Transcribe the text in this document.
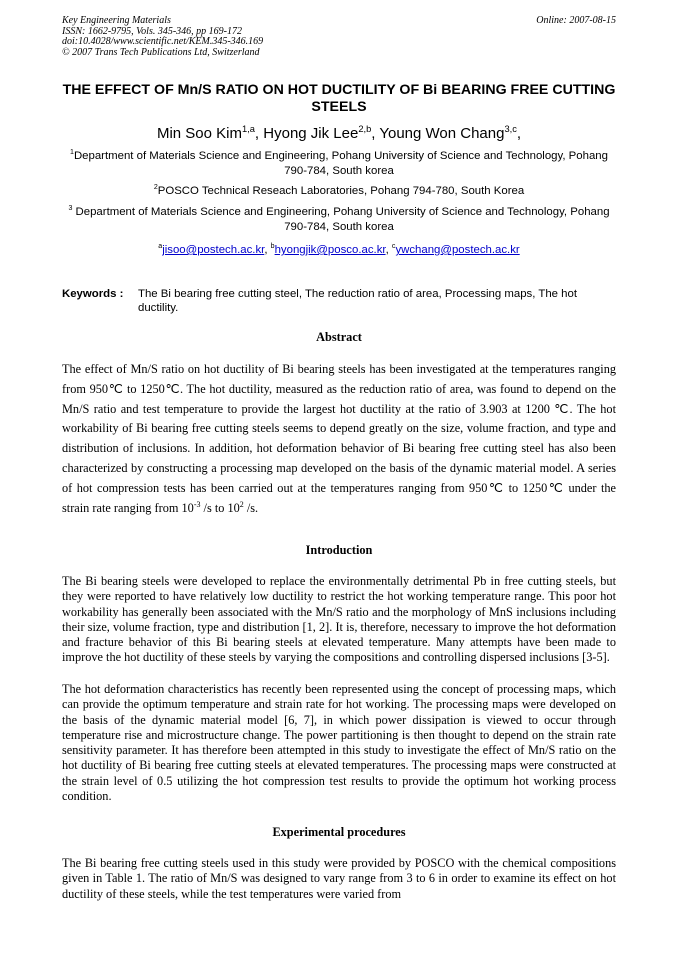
Key Engineering Materials
ISSN: 1662-9795, Vols. 345-346, pp 169-172
doi:10.4028/www.scientific.net/KEM.345-346.169
© 2007 Trans Tech Publications Ltd, Switzerland
Online: 2007-08-15
THE EFFECT OF Mn/S RATIO ON HOT DUCTILITY OF Bi BEARING FREE CUTTING STEELS
Min Soo Kim$^{1,a}$, Hyong Jik Lee$^{2,b}$, Young Won Chang$^{3,c}$,
$^1$Department of Materials Science and Engineering, Pohang University of Science and Technology, Pohang 790-784, South korea
$^2$POSCO Technical Reseach Laboratories, Pohang 794-780, South Korea
$^3$ Department of Materials Science and Engineering, Pohang University of Science and Technology, Pohang 790-784, South korea
$^a$jisoo@postech.ac.kr, $^b$hyongjik@posco.ac.kr, $^c$ywchang@postech.ac.kr
Keywords : The Bi bearing free cutting steel, The reduction ratio of area, Processing maps, The hot ductility.
Abstract
The effect of Mn/S ratio on hot ductility of Bi bearing steels has been investigated at the temperatures ranging from 950℃ to 1250℃. The hot ductility, measured as the reduction ratio of area, was found to depend on the Mn/S ratio and test temperature to provide the largest hot ductility at the ratio of 3.903 at 1200 ℃. The hot workability of Bi bearing free cutting steels seems to depend greatly on the size, volume fraction, and type and distribution of inclusions. In addition, hot deformation behavior of Bi bearing free cutting steel has also been characterized by constructing a processing map developed on the basis of the dynamic material model. A series of hot compression tests has been carried out at the temperatures ranging from 950℃ to 1250℃ under the strain rate ranging from $10^{-3}$ /s to $10^2$ /s.
Introduction
The Bi bearing steels were developed to replace the environmentally detrimental Pb in free cutting steels, but they were reported to have relatively low ductility to restrict the hot working temperature range. This poor hot workability has generally been associated with the Mn/S ratio and the morphology of MnS inclusions including their size, volume fraction, type and distribution [1, 2]. It is, therefore, necessary to improve the hot deformation and fracture behavior of this Bi bearing steels at elevated temperature. Many attempts have been made to improve the hot ductility of these steels by varying the compositions and controlling dispersed inclusions [3-5].
The hot deformation characteristics has recently been represented using the concept of processing maps, which can provide the optimum temperature and strain rate for hot working. The processing maps were developed on the basis of the dynamic material model [6, 7], in which power dissipation is viewed to occur through temperature rise and microstructure change. The power partitioning is then thought to depend on the strain rate sensitivity parameter. It has therefore been attempted in this study to investigate the effect of Mn/S ratio on the hot ductility of Bi bearing free cutting steels at elevated temperatures. The processing maps were constructed at the strain level of 0.5 utilizing the hot compression test results to provide the optimum hot working process condition.
Experimental procedures
The Bi bearing free cutting steels used in this study were provided by POSCO with the chemical compositions given in Table 1. The ratio of Mn/S was designed to vary range from 3 to 6 in order to examine its effect on hot ductility of these steels, while the test temperatures were varied from
